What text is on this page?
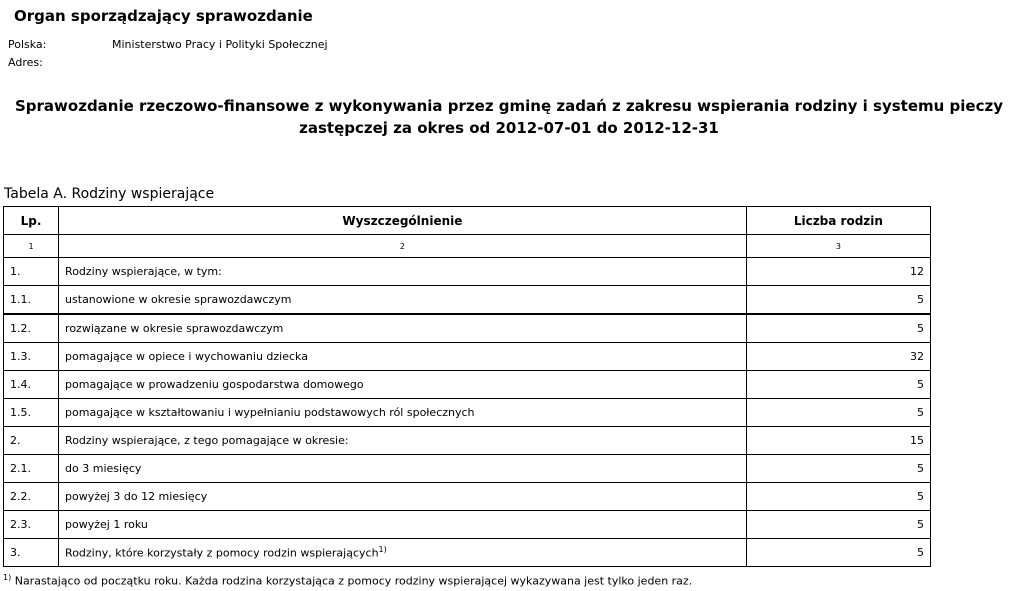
Organ sporządzający sprawozdanie
Polska:	Ministerstwo Pracy i Polityki Społecznej
Adres:
Sprawozdanie rzeczowo-finansowe z wykonywania przez gminę zadań z zakresu wspierania rodziny i systemu pieczy
zastępczej za okres od 2012-07-01 do 2012-12-31
Tabela A. Rodziny wspierające
Lp.	Wyszczególnienie	Liczba rodzin
1	2	3
1.	Rodziny wspierające, w tym:	12
1.1.	ustanowione w okresie sprawozdawczym	5
1.2.	rozwiązane w okresie sprawozdawczym	5
1.3.	pomagające w opiece i wychowaniu dziecka	32
1.4.	pomagające w prowadzeniu gospodarstwa domowego	5
1.5.	pomagające w kształtowaniu i wypełnianiu podstawowych ról społecznych	5
2.	Rodziny wspierające, z tego pomagające w okresie:	15
2.1.	do 3 miesięcy	5
2.2.	powyżej 3 do 12 miesięcy	5
2.3.	powyżej 1 roku	5
3.	Rodziny, które korzystały z pomocy rodzin wspierających$^{1)}$	5
$^{1)}$ Narastająco od początku roku. Każda rodzina korzystająca z pomocy rodziny wspierającej wykazywana jest tylko jeden raz.
